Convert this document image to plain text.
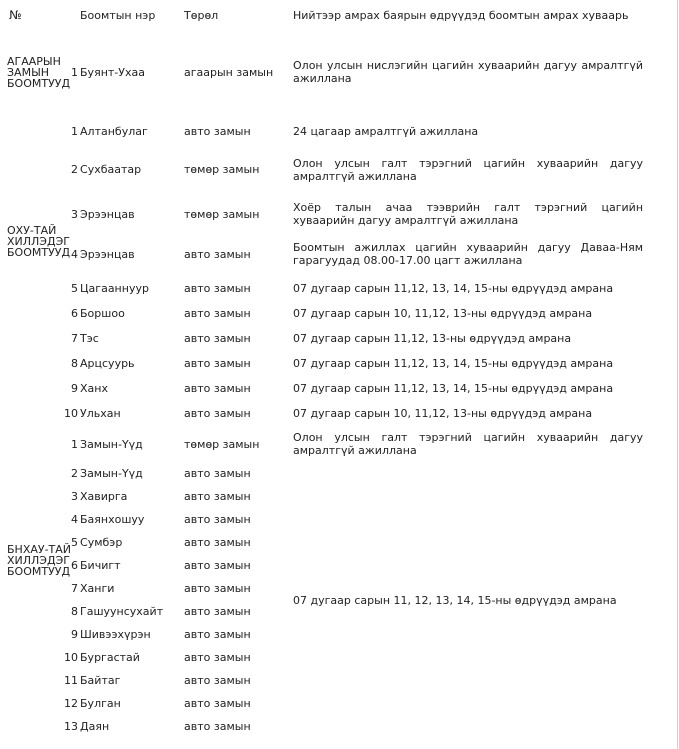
№		Боомтын нэр	Төрөл	Нийтээр амрах баярын өдрүүдэд боомтын амрах хуваарь
АГААРЫН
ЗАМЫН
БООМТУУД	1	Буянт-Ухаа	агаарын замын	Олон улсын нислэгийн цагийн хуваарийн дагуу амралтгүй ажиллана

ОХУ-ТАЙ
ХИЛЛЭДЭГ
БООМТУУД	1	Алтанбулаг	авто замын	24 цагаар амралтгүй ажиллана
	2	Сухбаатар	төмөр замын	Олон улсын галт тэрэгний цагийн хуваарийн дагуу амралтгүй ажиллана
	3	Эрээнцав	төмөр замын	Хоёр талын ачаа тээврийн галт тэрэгний цагийн хуваарийн дагуу амралтгүй ажиллана
	4	Эрээнцав	авто замын	Боомтын ажиллах цагийн хуваарийн дагуу Даваа-Ням гарагуудад 08.00-17.00 цагт ажиллана
	5	Цагааннуур	авто замын	07 дугаар сарын 11,12, 13, 14, 15-ны өдрүүдэд амрана
	6	Боршоо	авто замын	07 дугаар сарын 10, 11,12, 13-ны өдрүүдэд амрана
	7	Тэс	авто замын	07 дугаар сарын 11,12, 13-ны өдрүүдэд амрана
	8	Арцсуурь	авто замын	07 дугаар сарын 11,12, 13, 14, 15-ны өдрүүдэд амрана
	9	Ханх	авто замын	07 дугаар сарын 11,12, 13, 14, 15-ны өдрүүдэд амрана
	10	Ульхан	авто замын	07 дугаар сарын 10, 11,12, 13-ны өдрүүдэд амрана
БНХАУ-ТАЙ
ХИЛЛЭДЭГ
БООМТУУД	1	Замын-Үүд	төмөр замын	Олон улсын галт тэрэгний цагийн хуваарийн дагуу амралтгүй ажиллана
	2	Замын-Үүд	авто замын	07 дугаар сарын 11, 12, 13, 14, 15-ны өдрүүдэд амрана
	3	Хавирга	авто замын	
	4	Баянхошуу	авто замын	
	5	Сумбэр	авто замын	
	6	Бичигт	авто замын	
	7	Ханги	авто замын	
	8	Гашуунсухайт	авто замын	
	9	Шивээхүрэн	авто замын	
	10	Бургастай	авто замын	
	11	Байтаг	авто замын	
	12	Булган	авто замын	
	13	Даян	авто замын	
